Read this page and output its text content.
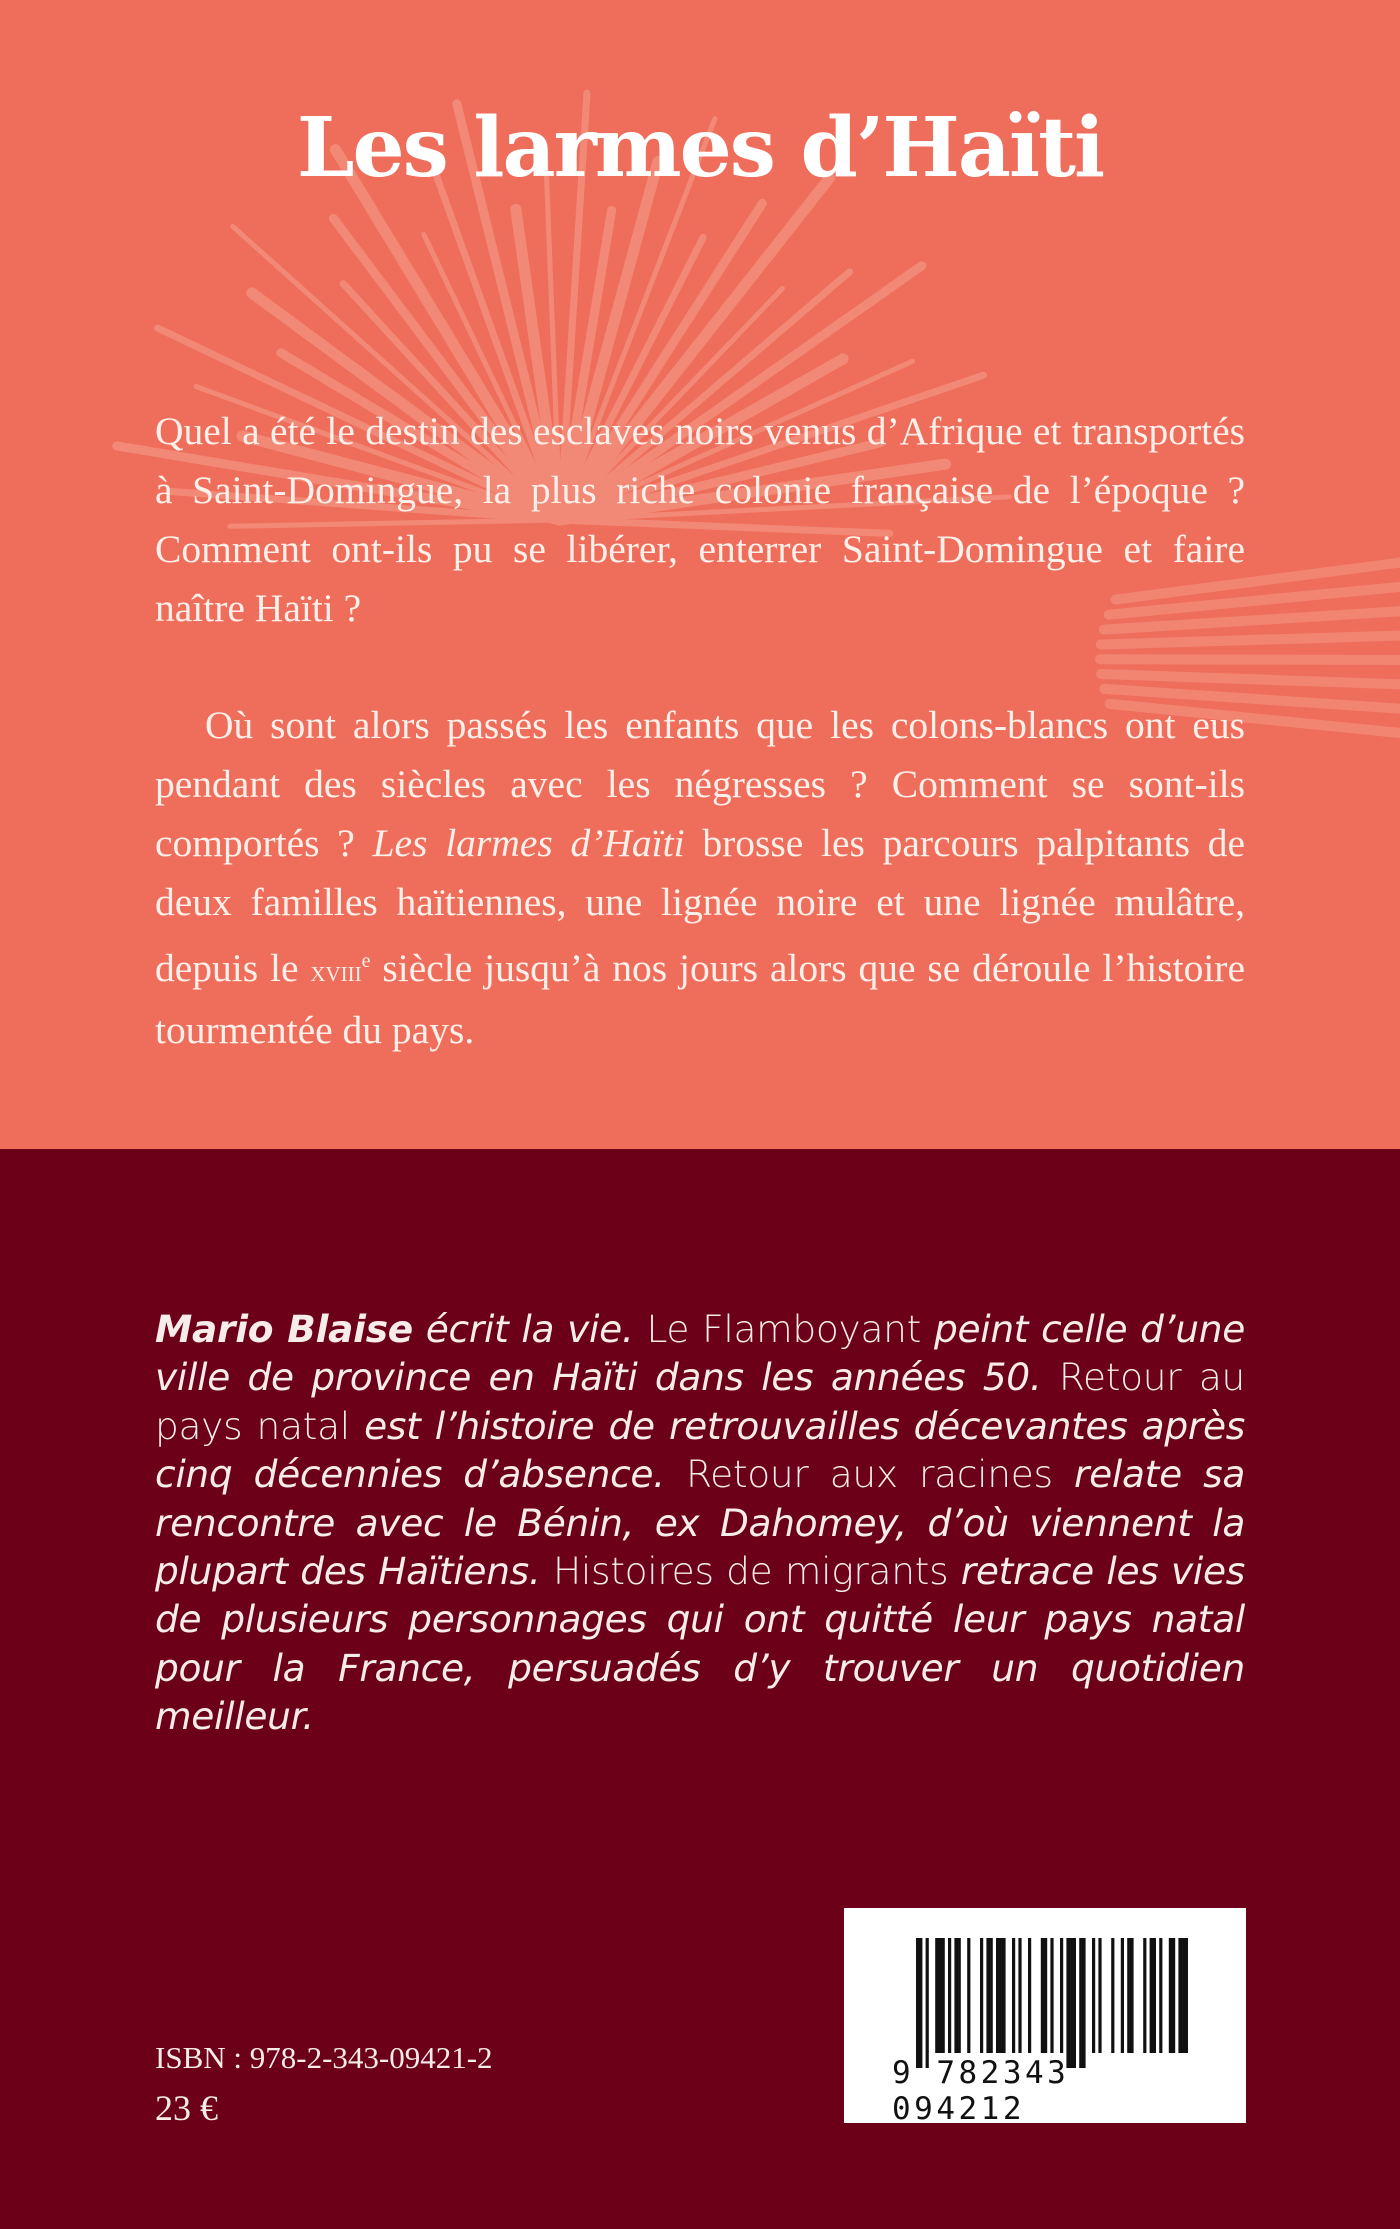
Les larmes d’Haïti

Quel a été le destin des esclaves noirs venus d’Afrique et transportés à Saint-Domingue, la plus riche colonie française de l’époque ? Comment ont-ils pu se libérer, enterrer Saint-Domingue et faire naître Haïti ?

Où sont alors passés les enfants que les colons-blancs ont eus pendant des siècles avec les négresses ? Comment se sont-ils comportés ? Les larmes d’Haïti brosse les parcours palpitants de deux familles haïtiennes, une lignée noire et une lignée mulâtre, depuis le xviii$^e$ siècle jusqu’à nos jours alors que se déroule l’histoire tourmentée du pays.

Mario Blaise écrit la vie. Le Flamboyant peint celle d’une ville de province en Haïti dans les années 50. Retour au pays natal est l’histoire de retrouvailles décevantes après cinq décennies d’absence. Retour aux racines relate sa rencontre avec le Bénin, ex Dahomey, d’où viennent la plupart des Haïtiens. Histoires de migrants retrace les vies de plusieurs personnages qui ont quitté leur pays natal pour la France, persuadés d’y trouver un quotidien meilleur.

ISBN : 978-2-343-09421-2
23 €
9 782343 094212
